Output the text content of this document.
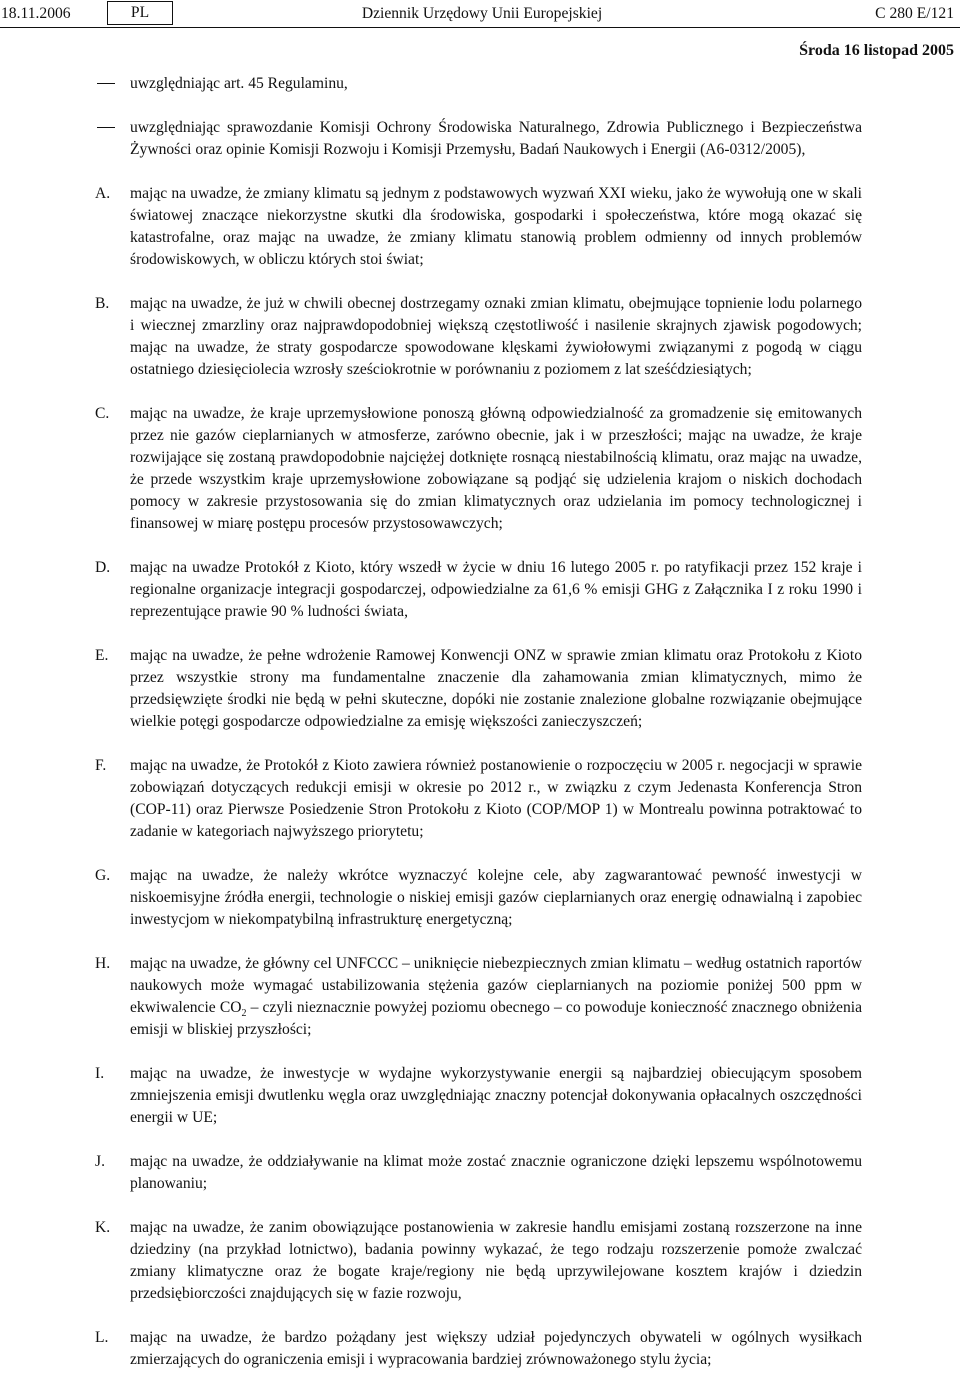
18.11.2006	PL	Dziennik Urzędowy Unii Europejskiej	C 280 E/121
Środa 16 listopad 2005
uwzględniając art. 45 Regulaminu,
uwzględniając sprawozdanie Komisji Ochrony Środowiska Naturalnego, Zdrowia Publicznego i Bezpieczeństwa Żywności oraz opinie Komisji Rozwoju i Komisji Przemysłu, Badań Naukowych i Energii (A6-0312/2005),
A. mając na uwadze, że zmiany klimatu są jednym z podstawowych wyzwań XXI wieku, jako że wywołują one w skali światowej znaczące niekorzystne skutki dla środowiska, gospodarki i społeczeństwa, które mogą okazać się katastrofalne, oraz mając na uwadze, że zmiany klimatu stanowią problem odmienny od innych problemów środowiskowych, w obliczu których stoi świat;
B. mając na uwadze, że już w chwili obecnej dostrzegamy oznaki zmian klimatu, obejmujące topnienie lodu polarnego i wiecznej zmarzliny oraz najprawdopodobniej większą częstotliwość i nasilenie skrajnych zjawisk pogodowych; mając na uwadze, że straty gospodarcze spowodowane klęskami żywiołowymi związanymi z pogodą w ciągu ostatniego dziesięciolecia wzrosły sześciokrotnie w porównaniu z poziomem z lat sześćdziesiątych;
C. mając na uwadze, że kraje uprzemysłowione ponoszą główną odpowiedzialność za gromadzenie się emitowanych przez nie gazów cieplarnianych w atmosferze, zarówno obecnie, jak i w przeszłości; mając na uwadze, że kraje rozwijające się zostaną prawdopodobnie najciężej dotknięte rosnącą niestabilnością klimatu, oraz mając na uwadze, że przede wszystkim kraje uprzemysłowione zobowiązane są podjąć się udzielenia krajom o niskich dochodach pomocy w zakresie przystosowania się do zmian klimatycznych oraz udzielania im pomocy technologicznej i finansowej w miarę postępu procesów przystosowawczych;
D. mając na uwadze Protokół z Kioto, który wszedł w życie w dniu 16 lutego 2005 r. po ratyfikacji przez 152 kraje i regionalne organizacje integracji gospodarczej, odpowiedzialne za 61,6 % emisji GHG z Załącznika I z roku 1990 i reprezentujące prawie 90 % ludności świata,
E. mając na uwadze, że pełne wdrożenie Ramowej Konwencji ONZ w sprawie zmian klimatu oraz Protokołu z Kioto przez wszystkie strony ma fundamentalne znaczenie dla zahamowania zmian klimatycznych, mimo że przedsięwzięte środki nie będą w pełni skuteczne, dopóki nie zostanie znalezione globalne rozwiązanie obejmujące wielkie potęgi gospodarcze odpowiedzialne za emisję większości zanieczyszczeń;
F. mając na uwadze, że Protokół z Kioto zawiera również postanowienie o rozpoczęciu w 2005 r. negocjacji w sprawie zobowiązań dotyczących redukcji emisji w okresie po 2012 r., w związku z czym Jedenasta Konferencja Stron (COP-11) oraz Pierwsze Posiedzenie Stron Protokołu z Kioto (COP/MOP 1) w Montrealu powinna potraktować to zadanie w kategoriach najwyższego priorytetu;
G. mając na uwadze, że należy wkrótce wyznaczyć kolejne cele, aby zagwarantować pewność inwestycji w niskoemisyjne źródła energii, technologie o niskiej emisji gazów cieplarnianych oraz energię odnawialną i zapobiec inwestycjom w niekompatybilną infrastrukturę energetyczną;
H. mając na uwadze, że główny cel UNFCCC – uniknięcie niebezpiecznych zmian klimatu – według ostatnich raportów naukowych może wymagać ustabilizowania stężenia gazów cieplarnianych na poziomie poniżej 500 ppm w ekwiwalencie $CO_2$ – czyli nieznacznie powyżej poziomu obecnego – co powoduje konieczność znacznego obniżenia emisji w bliskiej przyszłości;
I. mając na uwadze, że inwestycje w wydajne wykorzystywanie energii są najbardziej obiecującym sposobem zmniejszenia emisji dwutlenku węgla oraz uwzględniając znaczny potencjał dokonywania opłacalnych oszczędności energii w UE;
J. mając na uwadze, że oddziaływanie na klimat może zostać znacznie ograniczone dzięki lepszemu wspólnotowemu planowaniu;
K. mając na uwadze, że zanim obowiązujące postanowienia w zakresie handlu emisjami zostaną rozszerzone na inne dziedziny (na przykład lotnictwo), badania powinny wykazać, że tego rodzaju rozszerzenie pomoże zwalczać zmiany klimatyczne oraz że bogate kraje/regiony nie będą uprzywilejowane kosztem krajów i dziedzin przedsiębiorczości znajdujących się w fazie rozwoju,
L. mając na uwadze, że bardzo pożądany jest większy udział pojedynczych obywateli w ogólnych wysiłkach zmierzających do ograniczenia emisji i wypracowania bardziej zrównoważonego stylu życia;
